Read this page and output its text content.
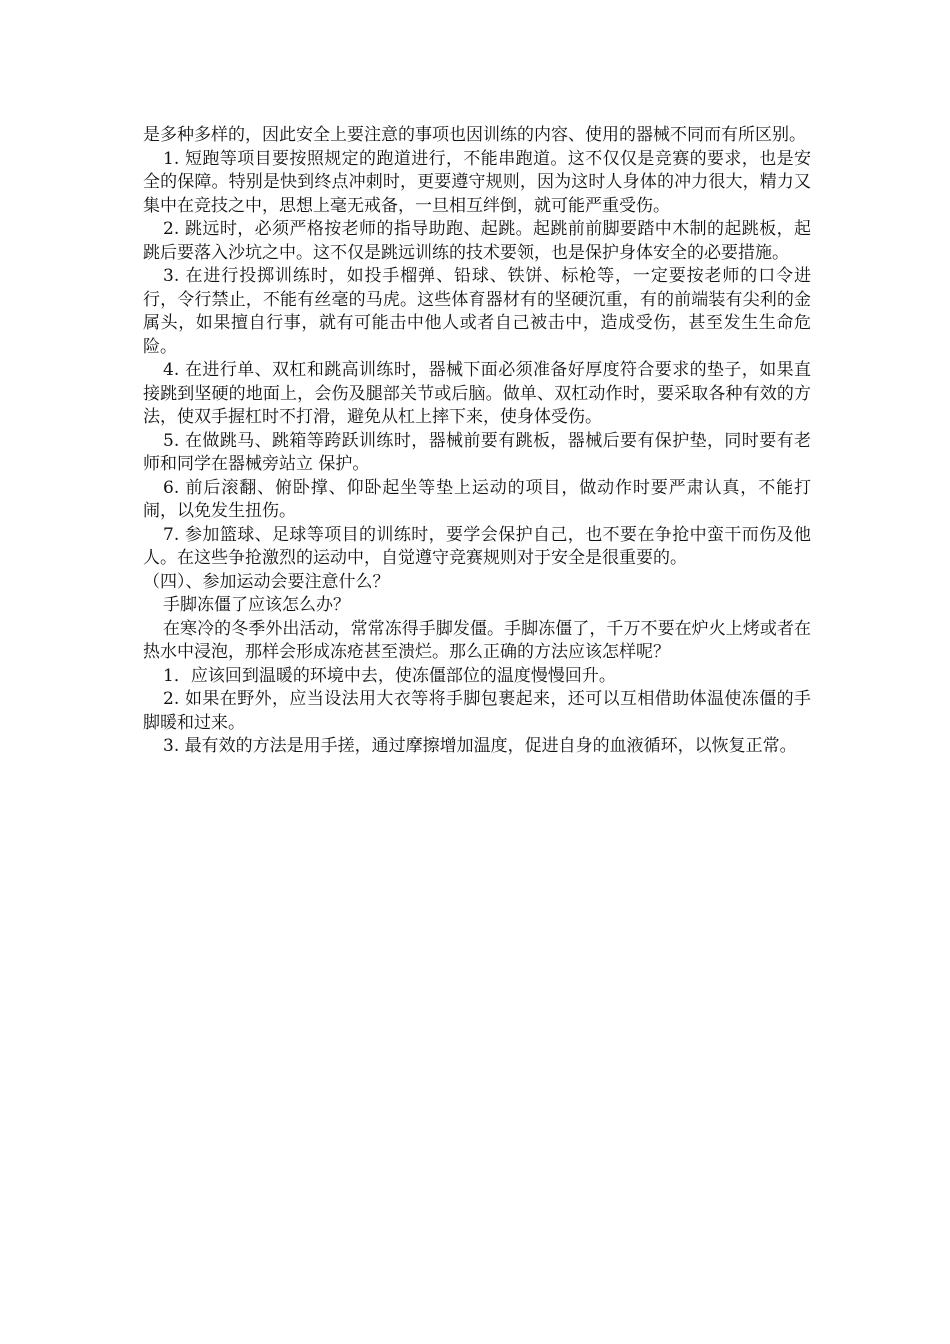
是多种多样的，因此安全上要注意的事项也因训练的内容、使用的器械不同而有所区别。

1. 短跑等项目要按照规定的跑道进行，不能串跑道。这不仅仅是竞赛的要求，也是安全的保障。特别是快到终点冲刺时，更要遵守规则，因为这时人身体的冲力很大，精力又集中在竞技之中，思想上毫无戒备，一旦相互绊倒，就可能严重受伤。

2. 跳远时，必须严格按老师的指导助跑、起跳。起跳前前脚要踏中木制的起跳板，起跳后要落入沙坑之中。这不仅是跳远训练的技术要领，也是保护身体安全的必要措施。

3. 在进行投掷训练时，如投手榴弹、铅球、铁饼、标枪等，一定要按老师的口令进行，令行禁止，不能有丝毫的马虎。这些体育器材有的坚硬沉重，有的前端装有尖利的金属头，如果擅自行事，就有可能击中他人或者自己被击中，造成受伤，甚至发生生命危险。

4. 在进行单、双杠和跳高训练时，器械下面必须准备好厚度符合要求的垫子，如果直接跳到坚硬的地面上，会伤及腿部关节或后脑。做单、双杠动作时，要采取各种有效的方法，使双手握杠时不打滑，避免从杠上摔下来，使身体受伤。

5. 在做跳马、跳箱等跨跃训练时，器械前要有跳板，器械后要有保护垫，同时要有老师和同学在器械旁站立 保护。

6. 前后滚翻、俯卧撑、仰卧起坐等垫上运动的项目，做动作时要严肃认真，不能打闹，以免发生扭伤。

7. 参加篮球、足球等项目的训练时，要学会保护自己，也不要在争抢中蛮干而伤及他人。在这些争抢激烈的运动中，自觉遵守竞赛规则对于安全是很重要的。

（四）、参加运动会要注意什么？

手脚冻僵了应该怎么办？

在寒冷的冬季外出活动，常常冻得手脚发僵。手脚冻僵了，千万不要在炉火上烤或者在热水中浸泡，那样会形成冻疮甚至溃烂。那么正确的方法应该怎样呢？

1．应该回到温暖的环境中去，使冻僵部位的温度慢慢回升。

2. 如果在野外，应当设法用大衣等将手脚包裹起来，还可以互相借助体温使冻僵的手脚暖和过来。

3. 最有效的方法是用手搓，通过摩擦增加温度，促进自身的血液循环，以恢复正常。
